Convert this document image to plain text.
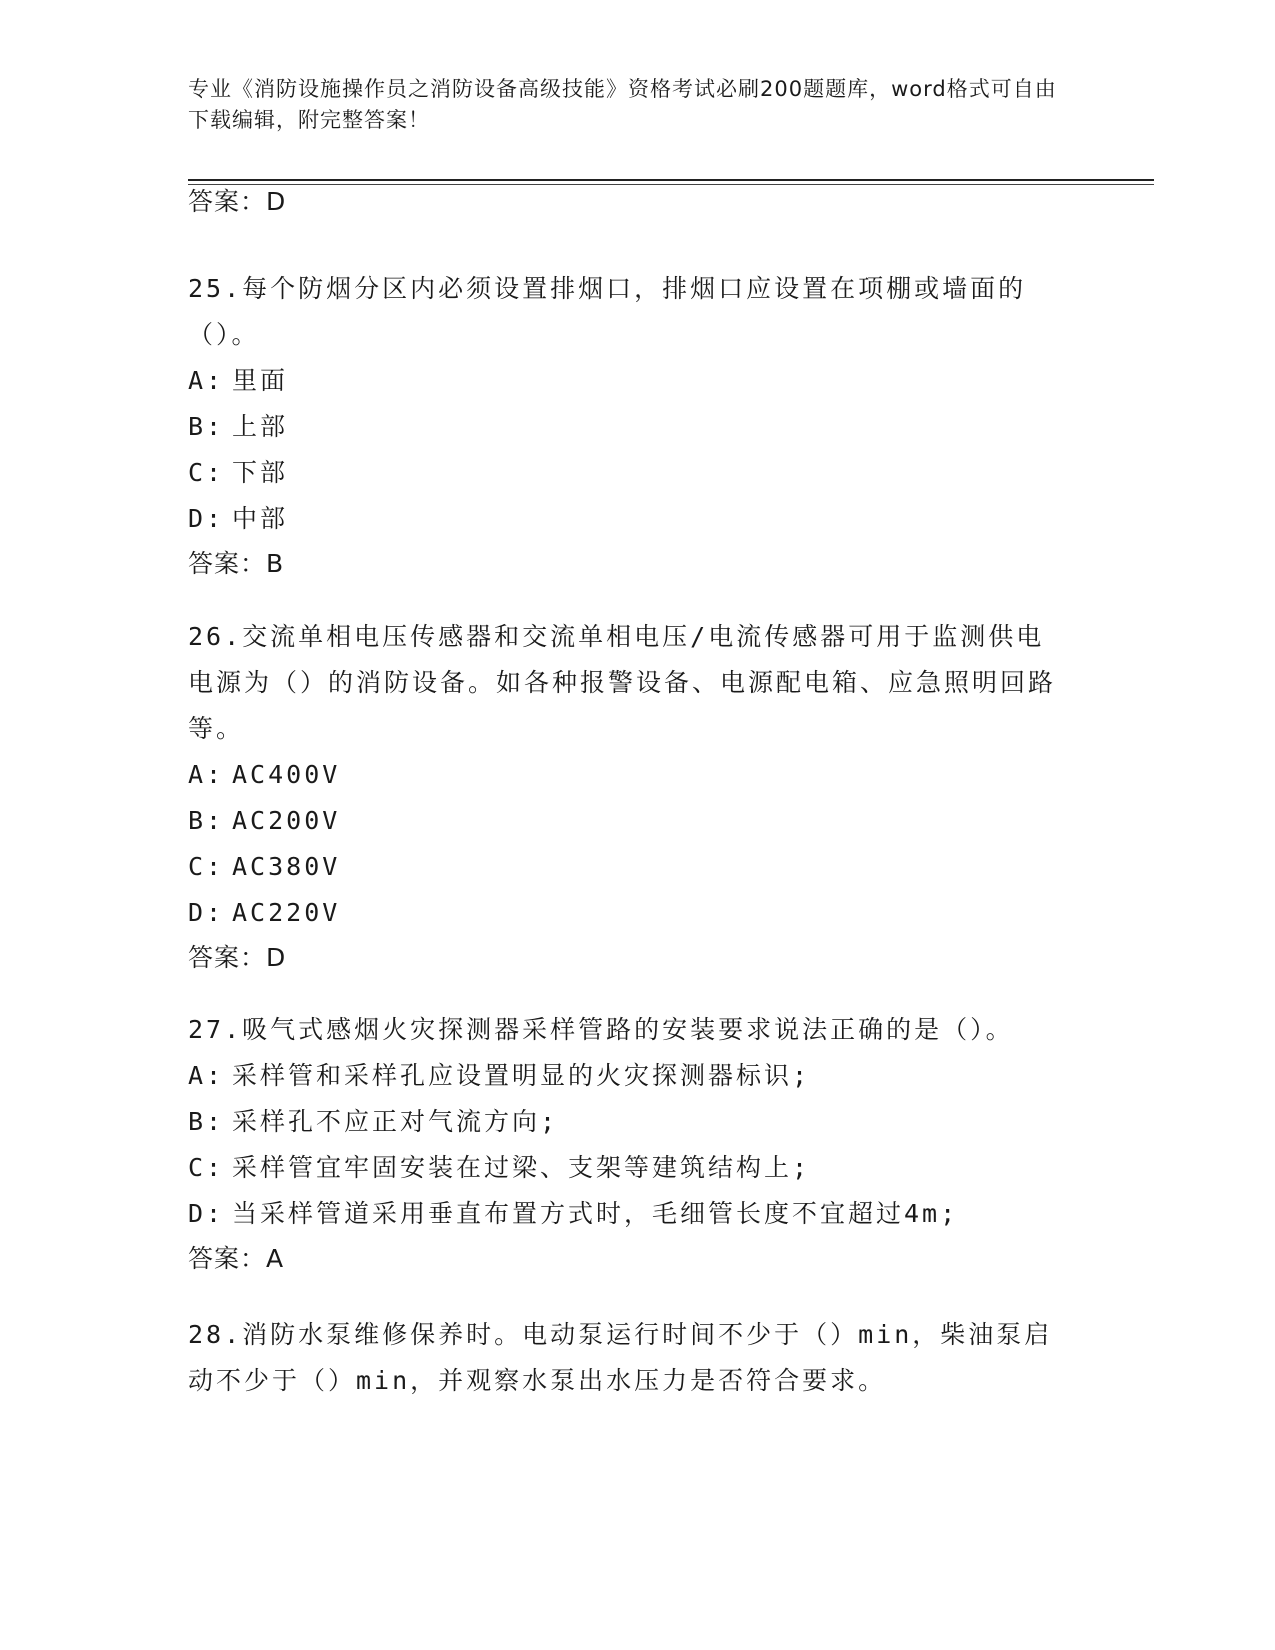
专业《消防设施操作员之消防设备高级技能》资格考试必刷200题题库，word格式可自由下载编辑，附完整答案！
答案：D
25.每个防烟分区内必须设置排烟口，排烟口应设置在项棚或墙面的（）。
A: 里面
B: 上部
C: 下部
D: 中部
答案：B
26.交流单相电压传感器和交流单相电压/电流传感器可用于监测供电电源为（）的消防设备。如各种报警设备、电源配电箱、应急照明回路等。
A: AC400V
B: AC200V
C: AC380V
D: AC220V
答案：D
27.吸气式感烟火灾探测器采样管路的安装要求说法正确的是（）。
A: 采样管和采样孔应设置明显的火灾探测器标识;
B: 采样孔不应正对气流方向;
C: 采样管宜牢固安装在过梁、支架等建筑结构上;
D: 当采样管道采用垂直布置方式时，毛细管长度不宜超过4m;
答案：A
28.消防水泵维修保养时。电动泵运行时间不少于（）min，柴油泵启动不少于（）min，并观察水泵出水压力是否符合要求。
